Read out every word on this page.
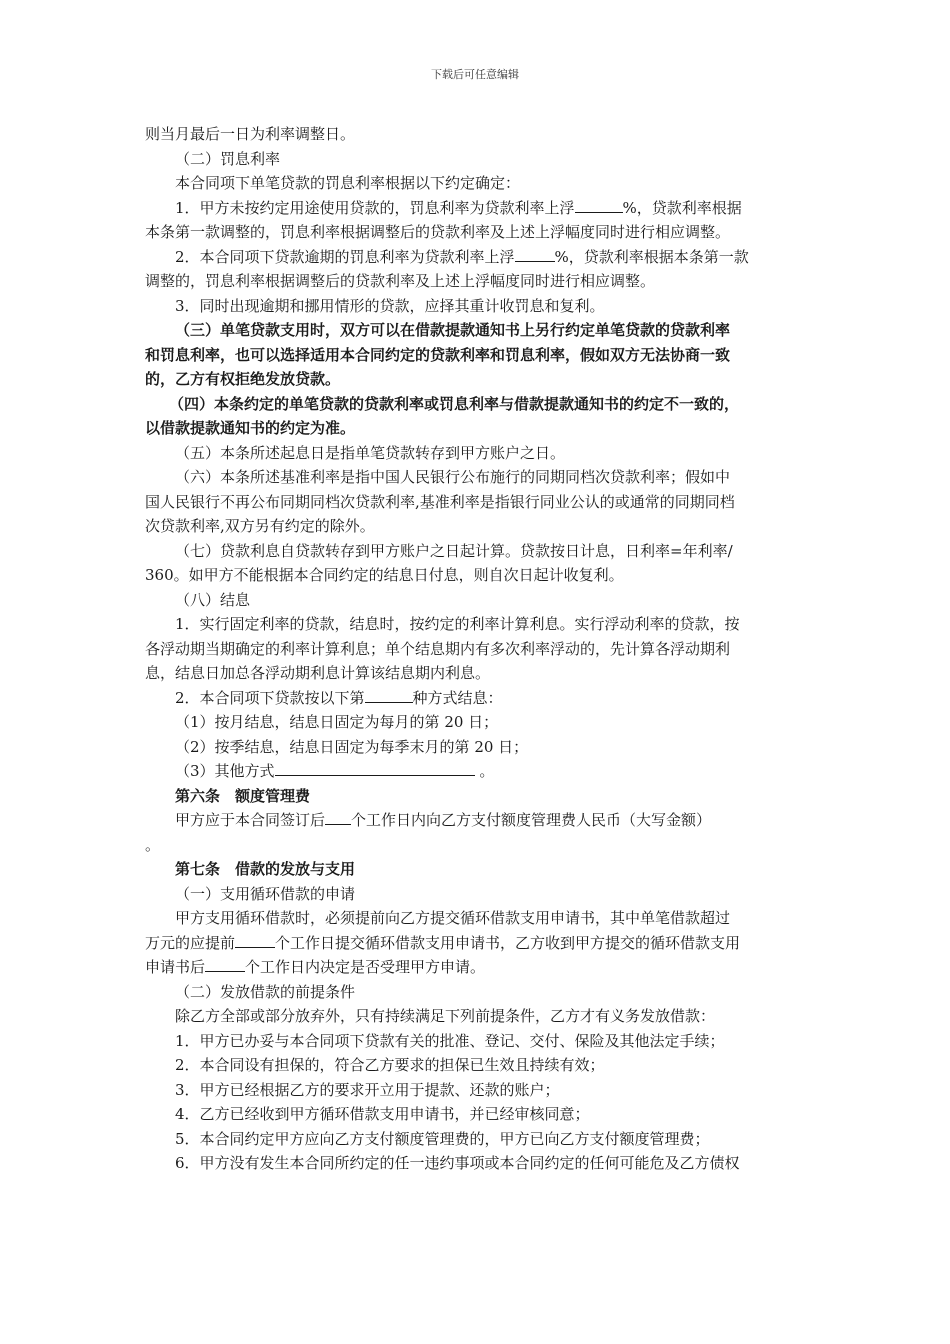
下载后可任意编辑

则当月最后一日为利率调整日。

（二）罚息利率

本合同项下单笔贷款的罚息利率根据以下约定确定：

1．甲方未按约定用途使用贷款的，罚息利率为贷款利率上浮	%，贷款利率根据

本条第一款调整的，罚息利率根据调整后的贷款利率及上述上浮幅度同时进行相应调整。

2．本合同项下贷款逾期的罚息利率为贷款利率上浮	%，贷款利率根据本条第一款

调整的，罚息利率根据调整后的贷款利率及上述上浮幅度同时进行相应调整。

3．同时出现逾期和挪用情形的贷款，应择其重计收罚息和复利。

（三）单笔贷款支用时，双方可以在借款提款通知书上另行约定单笔贷款的贷款利率

和罚息利率，也可以选择适用本合同约定的贷款利率和罚息利率，假如双方无法协商一致

的，乙方有权拒绝发放贷款。

（四）本条约定的单笔贷款的贷款利率或罚息利率与借款提款通知书的约定不一致的，

以借款提款通知书的约定为准。

（五）本条所述起息日是指单笔贷款转存到甲方账户之日。

（六）本条所述基准利率是指中国人民银行公布施行的同期同档次贷款利率；假如中

国人民银行不再公布同期同档次贷款利率,基准利率是指银行同业公认的或通常的同期同档

次贷款利率,双方另有约定的除外。

（七）贷款利息自贷款转存到甲方账户之日起计算。贷款按日计息，日利率=年利率/

360。如甲方不能根据本合同约定的结息日付息，则自次日起计收复利。

（八）结息

1．实行固定利率的贷款，结息时，按约定的利率计算利息。实行浮动利率的贷款，按

各浮动期当期确定的利率计算利息；单个结息期内有多次利率浮动的，先计算各浮动期利

息，结息日加总各浮动期利息计算该结息期内利息。

2．本合同项下贷款按以下第	种方式结息：

（1）按月结息，结息日固定为每月的第 20 日；

（2）按季结息，结息日固定为每季末月的第 20 日；

（3）其他方式	。

第六条　额度管理费

甲方应于本合同签订后 个工作日内向乙方支付额度管理费人民币（大写金额）

。

第七条　借款的发放与支用

（一）支用循环借款的申请

甲方支用循环借款时，必须提前向乙方提交循环借款支用申请书，其中单笔借款超过

万元的应提前	个工作日提交循环借款支用申请书，乙方收到甲方提交的循环借款支用

申请书后	个工作日内决定是否受理甲方申请。

（二）发放借款的前提条件

除乙方全部或部分放弃外，只有持续满足下列前提条件，乙方才有义务发放借款：

1．甲方已办妥与本合同项下贷款有关的批准、登记、交付、保险及其他法定手续；

2．本合同设有担保的，符合乙方要求的担保已生效且持续有效；

3．甲方已经根据乙方的要求开立用于提款、还款的账户；

4．乙方已经收到甲方循环借款支用申请书，并已经审核同意；

5．本合同约定甲方应向乙方支付额度管理费的，甲方已向乙方支付额度管理费；

6．甲方没有发生本合同所约定的任一违约事项或本合同约定的任何可能危及乙方债权
